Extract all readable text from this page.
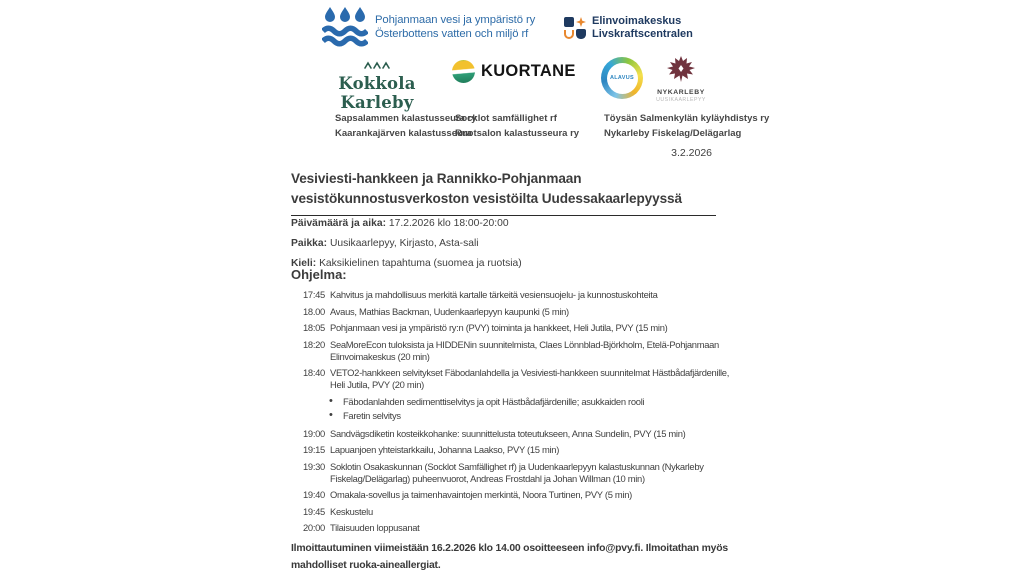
Pohjanmaan vesi ja ympäristö ry
Österbottens vatten och miljö rf
Elinvoimakeskus
Livskraftscentralen
Kokkola
Karleby
KUORTANE	ALAVUS
NYKARLEBY
UUSIKAARLEPYY
Sapsalammen kalastusseura ry
Kaarankajärven kalastusseura
Socklot samfällighet rf
Ruotsalon kalastusseura ry
Töysän Salmenkylän kyläyhdistys ry
Nykarleby Fiskelag/Delägarlag
3.2.2026
Vesiviesti-hankkeen ja Rannikko-Pohjanmaan
vesistökunnostusverkoston vesistöilta Uudessakaarlepyyssä
Päivämäärä ja aika: 17.2.2026 klo 18:00-20:00
Paikka: Uusikaarlepyy, Kirjasto, Asta-sali
Kieli: Kaksikielinen tapahtuma (suomea ja ruotsia)
Ohjelma:
17:45 Kahvitus ja mahdollisuus merkitä kartalle tärkeitä vesiensuojelu- ja kunnostuskohteita
18.00 Avaus, Mathias Backman, Uudenkaarlepyyn kaupunki (5 min)
18:05 Pohjanmaan vesi ja ympäristö ry:n (PVY) toiminta ja hankkeet, Heli Jutila, PVY (15 min)
18:20 SeaMoreEcon tuloksista ja HIDDENin suunnitelmista, Claes Lönnblad-Björkholm, Etelä-Pohjanmaan Elinvoimakeskus (20 min)
18:40 VETO2-hankkeen selvitykset Fäbodanlahdella ja Vesiviesti-hankkeen suunnitelmat Hästbådafjärdenille, Heli Jutila, PVY (20 min)
• Fäbodanlahden sedimenttiselvitys ja opit Hästbådafjärdenille; asukkaiden rooli
• Faretin selvitys
19:00 Sandvägsdiketin kosteikkohanke: suunnittelusta toteutukseen, Anna Sundelin, PVY (15 min)
19:15 Lapuanjoen yhteistarkkailu, Johanna Laakso, PVY (15 min)
19:30 Soklotin Osakaskunnan (Socklot Samfällighet rf) ja Uudenkaarlepyyn kalastuskunnan (Nykarleby Fiskelag/Delägarlag) puheenvuorot, Andreas Frostdahl ja Johan Willman (10 min)
19:40 Omakala-sovellus ja taimenhavaintojen merkintä, Noora Turtinen, PVY (5 min)
19:45 Keskustelu
20:00 Tilaisuuden loppusanat
Ilmoittautuminen viimeistään 16.2.2026 klo 14.00 osoitteeseen info@pvy.fi. Ilmoitathan myös mahdolliset ruoka-aineallergiat.
